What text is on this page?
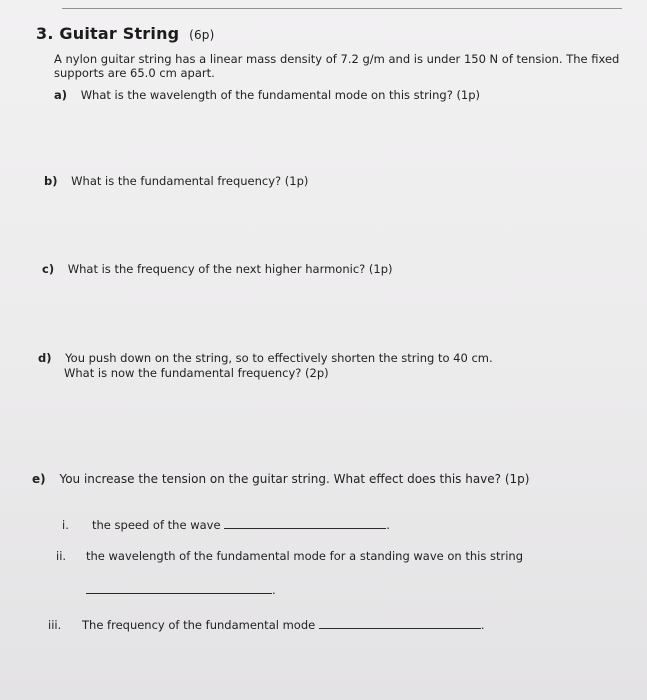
3. Guitar String (6p)
A nylon guitar string has a linear mass density of 7.2 g/m and is under 150 N of tension. The fixed
supports are 65.0 cm apart.
a) What is the wavelength of the fundamental mode on this string? (1p)
b) What is the fundamental frequency? (1p)
c) What is the frequency of the next higher harmonic? (1p)
d) You push down on the string, so to effectively shorten the string to 40 cm.
What is now the fundamental frequency? (2p)
e) You increase the tension on the guitar string. What effect does this have? (1p)
i. the speed of the wave	.
ii. the wavelength of the fundamental mode for a standing wave on this string
.
iii. The frequency of the fundamental mode	.
